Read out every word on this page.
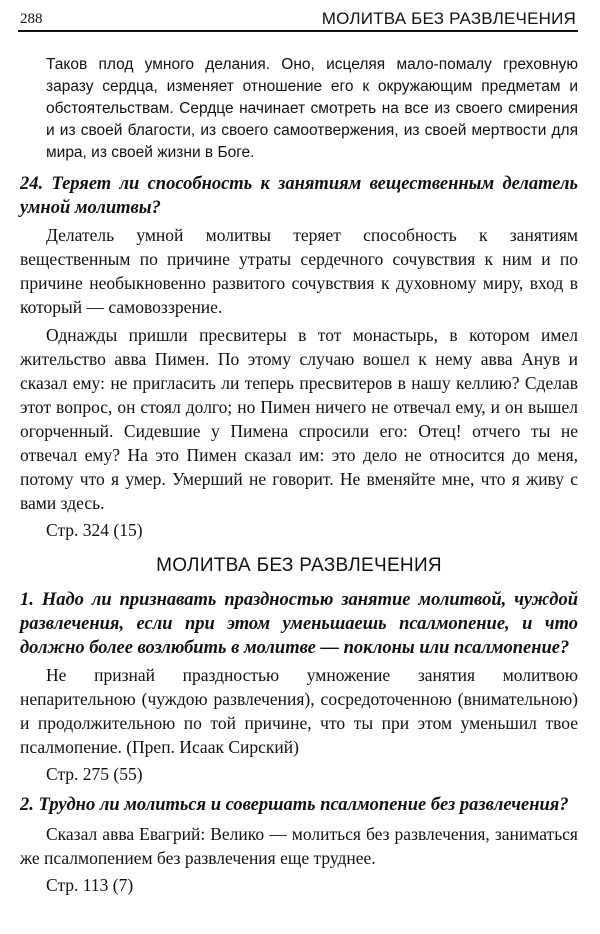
288	МОЛИТВА БЕЗ РАЗВЛЕЧЕНИЯ

Таков плод умного делания. Оно, исцеляя мало-помалу греховную заразу сердца, изменяет отношение его к окружающим предметам и обстоятельствам. Сердце начинает смотреть на все из своего смирения и из своей благости, из своего самоотвержения, из своей мертвости для мира, из своей жизни в Боге.

24. Теряет ли способность к занятиям вещественным делатель умной молитвы?

Делатель умной молитвы теряет способность к занятиям вещественным по причине утраты сердечного сочувствия к ним и по причине необыкновенно развитого сочувствия к духовному миру, вход в который — самовоззрение.

Однажды пришли пресвитеры в тот монастырь, в котором имел жительство авва Пимен. По этому случаю вошел к нему авва Анув и сказал ему: не пригласить ли теперь пресвитеров в нашу келлию? Сделав этот вопрос, он стоял долго; но Пимен ничего не отвечал ему, и он вышел огорченный. Сидевшие у Пимена спросили его: Отец! отчего ты не отвечал ему? На это Пимен сказал им: это дело не относится до меня, потому что я умер. Умерший не говорит. Не вменяйте мне, что я живу с вами здесь.

Стр. 324 (15)

МОЛИТВА БЕЗ РАЗВЛЕЧЕНИЯ

1. Надо ли признавать праздностью занятие молитвой, чуждой развлечения, если при этом уменьшаешь псалмопение, и что должно более возлюбить в молитве — поклоны или псалмопение?

Не признай праздностью умножение занятия молитвою непарительною (чуждою развлечения), сосредоточенною (внимательною) и продолжительною по той причине, что ты при этом уменьшил твое псалмопение. (Преп. Исаак Сирский)

Стр. 275 (55)

2. Трудно ли молиться и совершать псалмопение без развлечения?

Сказал авва Евагрий: Велико — молиться без развлечения, заниматься же псалмопением без развлечения еще труднее.

Стр. 113 (7)
